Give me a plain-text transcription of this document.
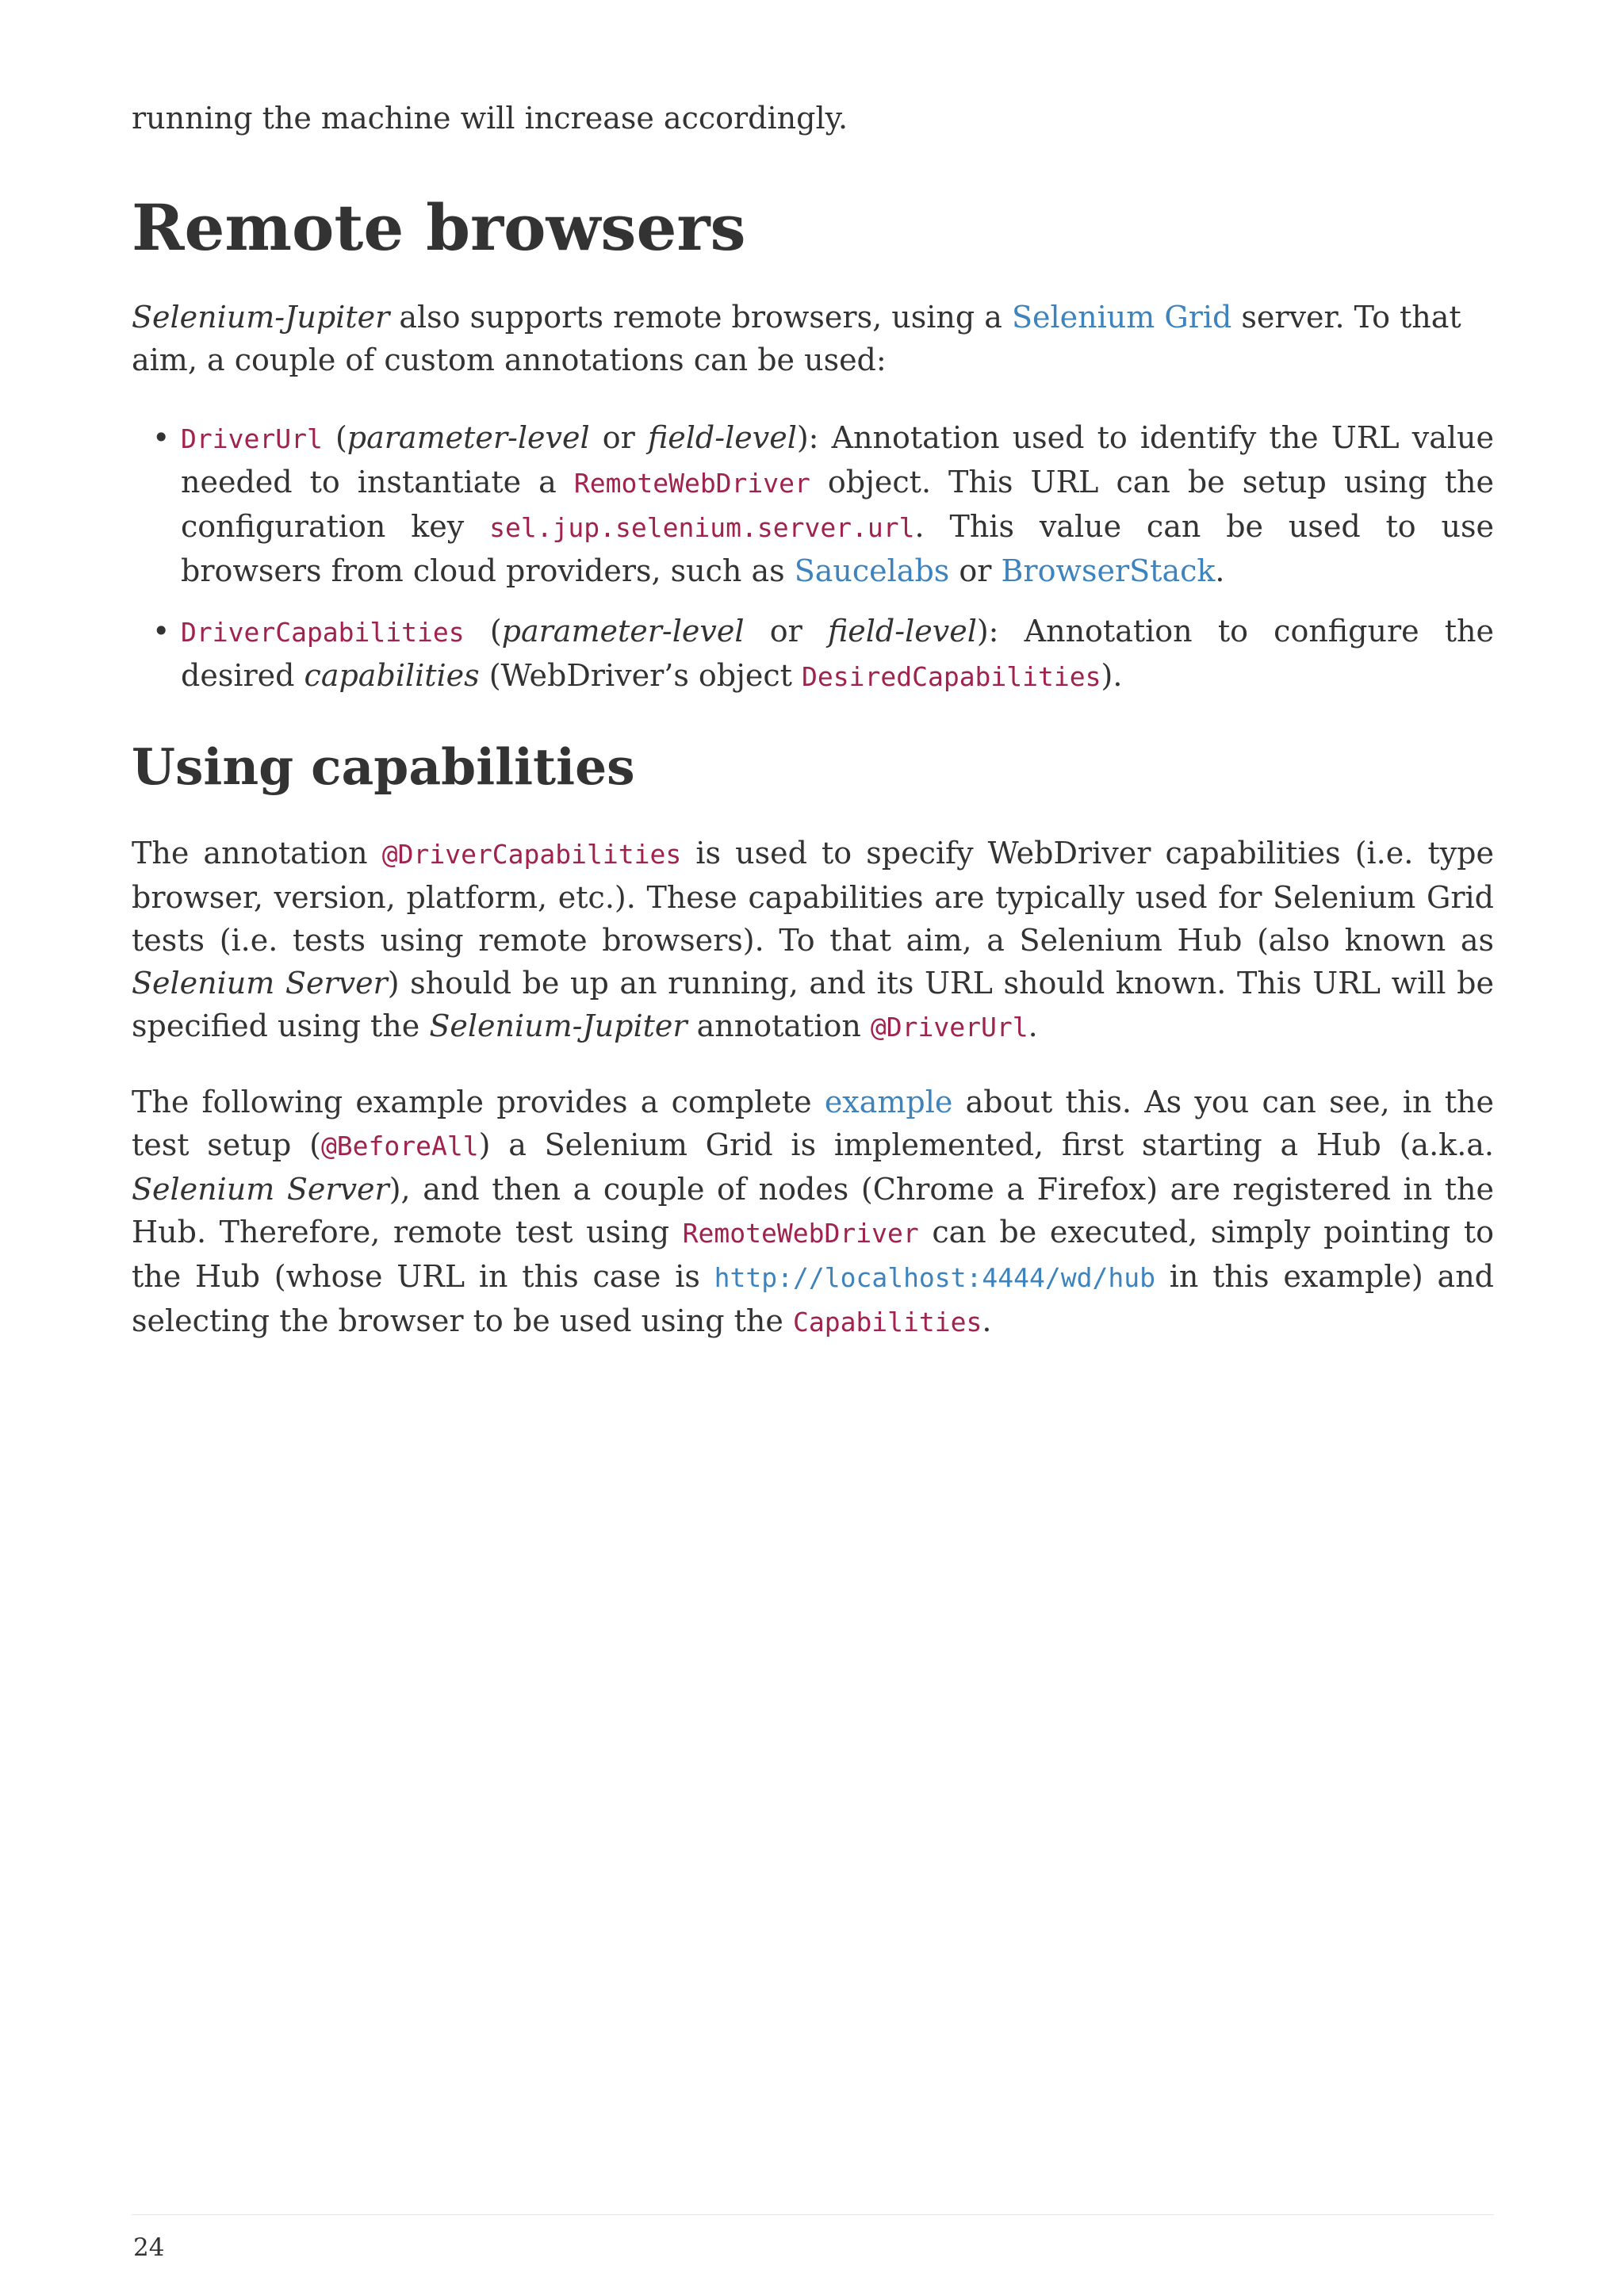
running the machine will increase accordingly.

Remote browsers

Selenium-Jupiter also supports remote browsers, using a Selenium Grid server. To that aim, a couple of custom annotations can be used:

• DriverUrl (parameter-level or field-level): Annotation used to identify the URL value needed to instantiate a RemoteWebDriver object. This URL can be setup using the configuration key sel.jup.selenium.server.url. This value can be used to use browsers from cloud providers, such as Saucelabs or BrowserStack.
• DriverCapabilities (parameter-level or field-level): Annotation to configure the desired capabilities (WebDriver’s object DesiredCapabilities).
Using capabilities

The annotation @DriverCapabilities is used to specify WebDriver capabilities (i.e. type browser, version, platform, etc.). These capabilities are typically used for Selenium Grid tests (i.e. tests using remote browsers). To that aim, a Selenium Hub (also known as Selenium Server) should be up an running, and its URL should known. This URL will be specified using the Selenium-Jupiter annotation @DriverUrl.

The following example provides a complete example about this. As you can see, in the test setup (@BeforeAll) a Selenium Grid is implemented, first starting a Hub (a.k.a. Selenium Server), and then a couple of nodes (Chrome a Firefox) are registered in the Hub. Therefore, remote test using RemoteWebDriver can be executed, simply pointing to the Hub (whose URL in this case is http://localhost:4444/wd/hub in this example) and selecting the browser to be used using the Capabilities.

24
